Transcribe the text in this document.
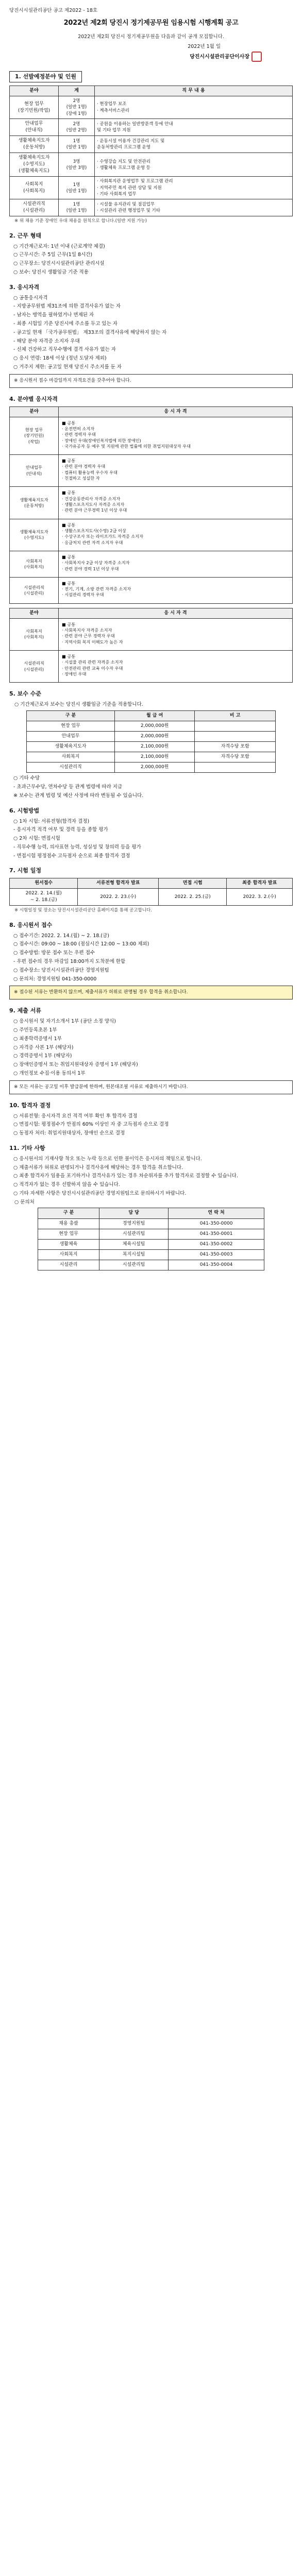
당진시시설관리공단 공고 제2022 - 18호
2022년 제2회 당진시 정기제공무원 임용시험 시행계획 공고
2022년 제2회 당진시 정기제공무원을 다음과 같이 공개 모집합니다.
2022년 1월 일
당진시시설관리공단이사장
1. 선발예정분야 및 인원
분야	계	직 무 내 용
현장 업무
(장기민원/작업)	2명
(일반 1명)
(장애 1명)	· 현장업무 보조
· 계측서비스관리
안내업무
(안내직)	2명
(일반 2명)	· 공원을 이용하는 일반방문객 등에 안내
및 기타 업무 지원
생활체육지도자
(운동처방)	1명
(일반 1명)	· 운동시설 이용자 건강관리 지도 및
운동처방관리 프로그램 운영
생활체육지도자
(수영지도)
(생활체육지도)	3명
(일반 3명)	· 수영강습 지도 및 안전관리
· 생활체육 프로그램 운영 등
사회복지
(사회복지)	1명
(일반 1명)	· 사회복지관 운영업무 및 프로그램 관리
· 지역주민 복지 관련 상담 및 지원
· 기타 사회복지 업무
시설관리직
(시설관리)	1명
(일반 1명)	· 시설물 유지관리 및 점검업무
· 시설관리 관련 행정업무 및 기타
※ 위 채용 기준 장애인 우대 채용을 원칙으로 합니다.(일반 지원 가능)
2. 근무 형태

○ 기간제근로자: 1년 이내 (근로계약 체결)

○ 근무시간: 주 5일 근무(1일 8시간)

○ 근무장소: 당진시시설관리공단 관리시설

○ 보수: 당진시 생활임금 기준 적용

3. 응시자격

○ 공통응시자격

- 지방공무원법 제31조에 의한 결격사유가 없는 자

- 남자는 병역을 필하였거나 면제된 자

- 최종 시험일 기준 당진시에 주소를 두고 있는 자

- 공고일 현재 「국가공무원법」 제33조의 결격사유에 해당하지 않는 자

- 해당 분야 자격증 소지자 우대

- 신체 건강하고 직무수행에 결격 사유가 없는 자

○ 응시 연령: 18세 이상 (정년 도달자 제외)

○ 거주지 제한: 공고일 현재 당진시 주소지를 둔 자

※ 응시원서 접수 마감일까지 자격요건을 갖추어야 합니다.
4. 분야별 응시자격
분야	응 시 자 격
현장 업무
(장기민원)
(작업)	■ 공통
· 운전면허 소지자
· 관련 경력자 우대
· 장애인 우대(장애인복지법에 의한 장애인)
· 국가유공자 등 예우 및 지원에 관한 법률에 의한 취업지원대상자 우대
안내업무
(안내직)	■ 공통
· 관련 분야 경력자 우대
· 컴퓨터 활용능력 우수자 우대
· 친절하고 성실한 자
생활체육지도자
(운동처방)	■ 공통
· 건강운동관리사 자격증 소지자
· 생활스포츠지도사 자격증 소지자
· 관련 분야 근무경력 1년 이상 우대
생활체육지도자
(수영지도)	■ 공통
· 생활스포츠지도사(수영) 2급 이상
· 수상구조사 또는 라이프가드 자격증 소지자
· 응급처치 관련 자격 소지자 우대
사회복지
(사회복지)	■ 공통
· 사회복지사 2급 이상 자격증 소지자
· 관련 분야 경력 1년 이상 우대
시설관리직
(시설관리)	■ 공통
· 전기, 기계, 소방 관련 자격증 소지자
· 시설관리 경력자 우대
분야	응 시 자 격
사회복지
(사회복지)	■ 공통
· 사회복지사 자격증 소지자
· 관련 분야 근무 경력자 우대
· 지역사회 복지 이해도가 높은 자
시설관리직
(시설관리)	■ 공통
· 시설물 관리 관련 자격증 소지자
· 안전관리 관련 교육 이수자 우대
· 장애인 우대
5. 보수 수준
○ 기간제근로자 보수는 당진시 생활임금 기준을 적용합니다.
구 분	월 급 여	비 고
현장 업무	2,000,000원	
안내업무	2,000,000원	
생활체육지도자	2,100,000원	자격수당 포함
사회복지	2,100,000원	자격수당 포함
시설관리직	2,000,000원	

○ 기타 수당

- 초과근무수당, 연차수당 등 관계 법령에 따라 지급

※ 보수는 관계 법령 및 예산 사정에 따라 변동될 수 있습니다.

6. 시험방법

○ 1차 시험: 서류전형(합격자 결정)

- 응시자격 적격 여부 및 경력 등을 종합 평가

○ 2차 시험: 면접시험

- 직무수행 능력, 의사표현 능력, 성실성 및 창의력 등을 평가

- 면접시험 평정점수 고득점자 순으로 최종 합격자 결정

7. 시험 일정
원서접수	서류전형 합격자 발표	면접 시험	최종 합격자 발표
2022. 2. 14.(월)
~ 2. 18.(금)	2022. 2. 23.(수)	2022. 2. 25.(금)	2022. 3. 2.(수)
※ 시험일정 및 장소는 당진시시설관리공단 홈페이지를 통해 공고합니다.
8. 응시원서 접수

○ 접수기간: 2022. 2. 14.(월) ~ 2. 18.(금)

○ 접수시간: 09:00 ~ 18:00 (점심시간 12:00 ~ 13:00 제외)

○ 접수방법: 방문 접수 또는 우편 접수

- 우편 접수의 경우 마감일 18:00까지 도착분에 한함

○ 접수장소: 당진시시설관리공단 경영지원팀

○ 문의처: 경영지원팀 041-350-0000

※ 접수된 서류는 반환하지 않으며, 제출서류가 허위로 판명될 경우 합격을 취소합니다.
9. 제출 서류

○ 응시원서 및 자기소개서 1부 (공단 소정 양식)

○ 주민등록초본 1부

○ 최종학력증명서 1부

○ 자격증 사본 1부 (해당자)

○ 경력증명서 1부 (해당자)

○ 장애인증명서 또는 취업지원대상자 증명서 1부 (해당자)

○ 개인정보 수집·이용 동의서 1부

※ 모든 서류는 공고일 이후 발급분에 한하며, 원본대조필 서류로 제출하시기 바랍니다.
10. 합격자 결정

○ 서류전형: 응시자격 요건 적격 여부 확인 후 합격자 결정

○ 면접시험: 평정점수가 만점의 60% 이상인 자 중 고득점자 순으로 결정

○ 동점자 처리: 취업지원대상자, 장애인 순으로 결정

11. 기타 사항

○ 응시원서의 기재사항 착오 또는 누락 등으로 인한 불이익은 응시자의 책임으로 합니다.

○ 제출서류가 허위로 판명되거나 결격사유에 해당하는 경우 합격을 취소합니다.

○ 최종 합격자가 임용을 포기하거나 결격사유가 있는 경우 차순위자를 추가 합격자로 결정할 수 있습니다.

○ 적격자가 없는 경우 선발하지 않을 수 있습니다.

○ 기타 자세한 사항은 당진시시설관리공단 경영지원팀으로 문의하시기 바랍니다.

○ 문의처
구 분	담 당	연 락 처
채용 총괄	경영지원팀	041-350-0000
현장 업무	시설관리팀	041-350-0001
생활체육	체육시설팀	041-350-0002
사회복지	복지시설팀	041-350-0003
시설관리	시설관리팀	041-350-0004
